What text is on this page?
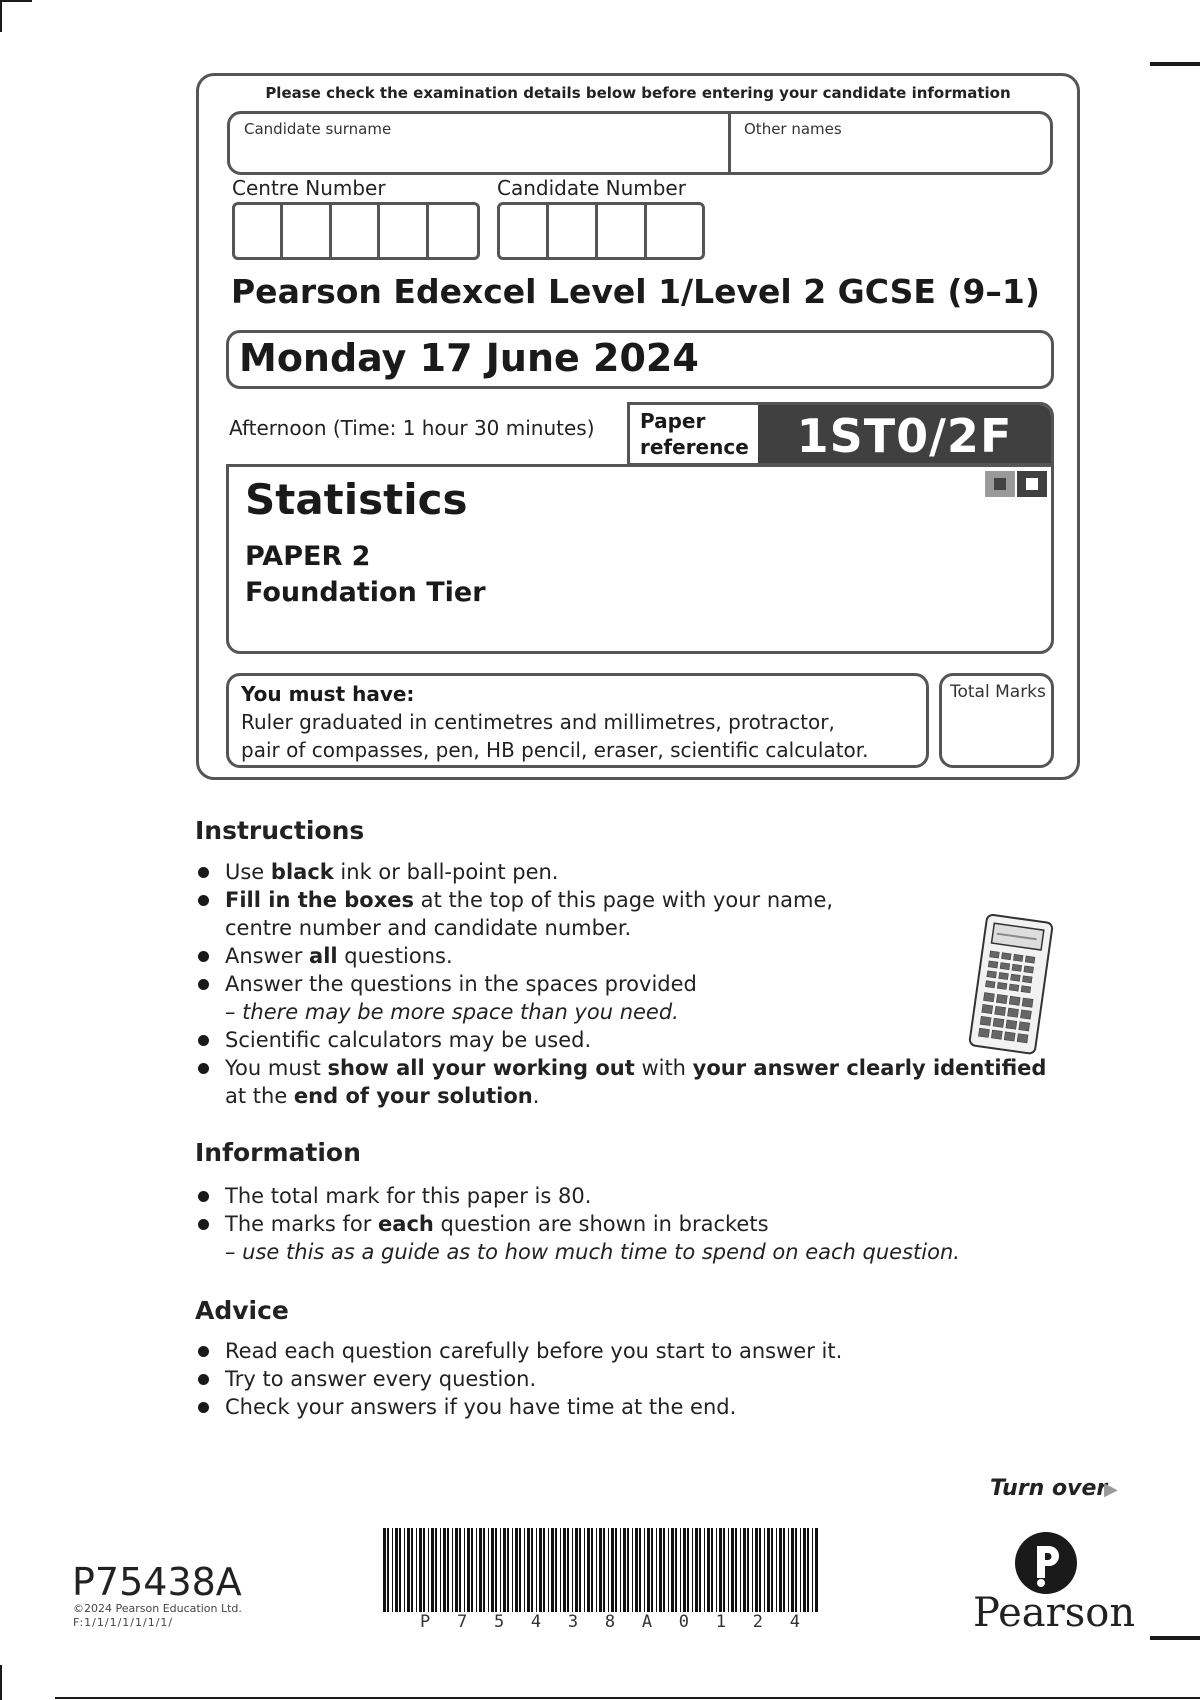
Please check the examination details below before entering your candidate information
Candidate surname	Other names
Centre Number	Candidate Number
Pearson Edexcel Level 1/Level 2 GCSE (9–1)
Monday 17 June 2024
Afternoon (Time: 1 hour 30 minutes) Paper
reference	1ST0/2F
Statistics
PAPER 2
Foundation Tier
You must have:
Ruler graduated in centimetres and millimetres, protractor,
pair of compasses, pen, HB pencil, eraser, scientific calculator.
Total Marks
Instructions
Use black ink or ball-point pen.
Fill in the boxes at the top of this page with your name,
centre number and candidate number.
Answer all questions.
Answer the questions in the spaces provided
– there may be more space than you need.
Scientific calculators may be used.
You must show all your working out with your answer clearly identified
at the end of your solution.
Information
The total mark for this paper is 80.
The marks for each question are shown in brackets
– use this as a guide as to how much time to spend on each question.
Advice
Read each question carefully before you start to answer it.
Try to answer every question.
Check your answers if you have time at the end.
Turn over
▶
P75438A
©2024 Pearson Education Ltd.
F:1/1/1/1/1/1/1/	P 7 5 4 3 8 A 0 1 2 4	Pearson
